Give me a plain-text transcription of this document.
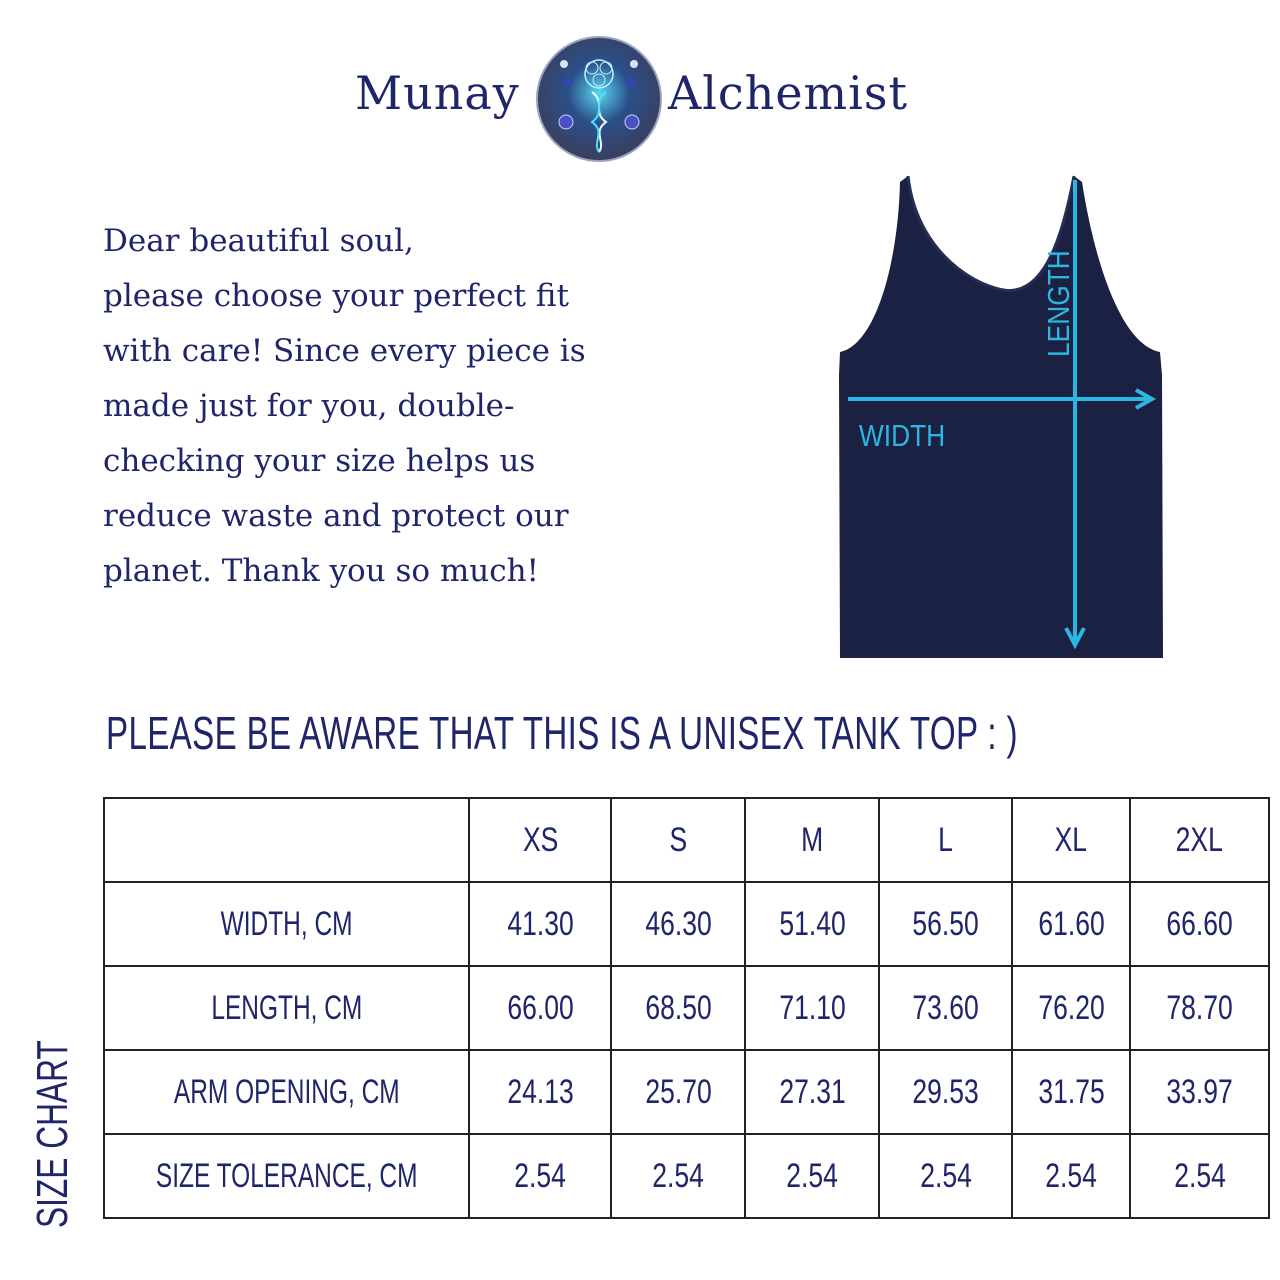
Munay	Alchemist
Dear beautiful soul,
please choose your perfect fit
with care! Since every piece is
made just for you, double-
checking your size helps us
reduce waste and protect our
planet. Thank you so much!
WIDTH
LENGTH
PLEASE BE AWARE THAT THIS IS A UNISEX TANK TOP : )
SIZE CHART
	XS	S	M	L	XL	2XL
WIDTH, CM	41.30	46.30	51.40	56.50	61.60	66.60
LENGTH, CM	66.00	68.50	71.10	73.60	76.20	78.70
ARM OPENING, CM	24.13	25.70	27.31	29.53	31.75	33.97
SIZE TOLERANCE, CM	2.54	2.54	2.54	2.54	2.54	2.54
